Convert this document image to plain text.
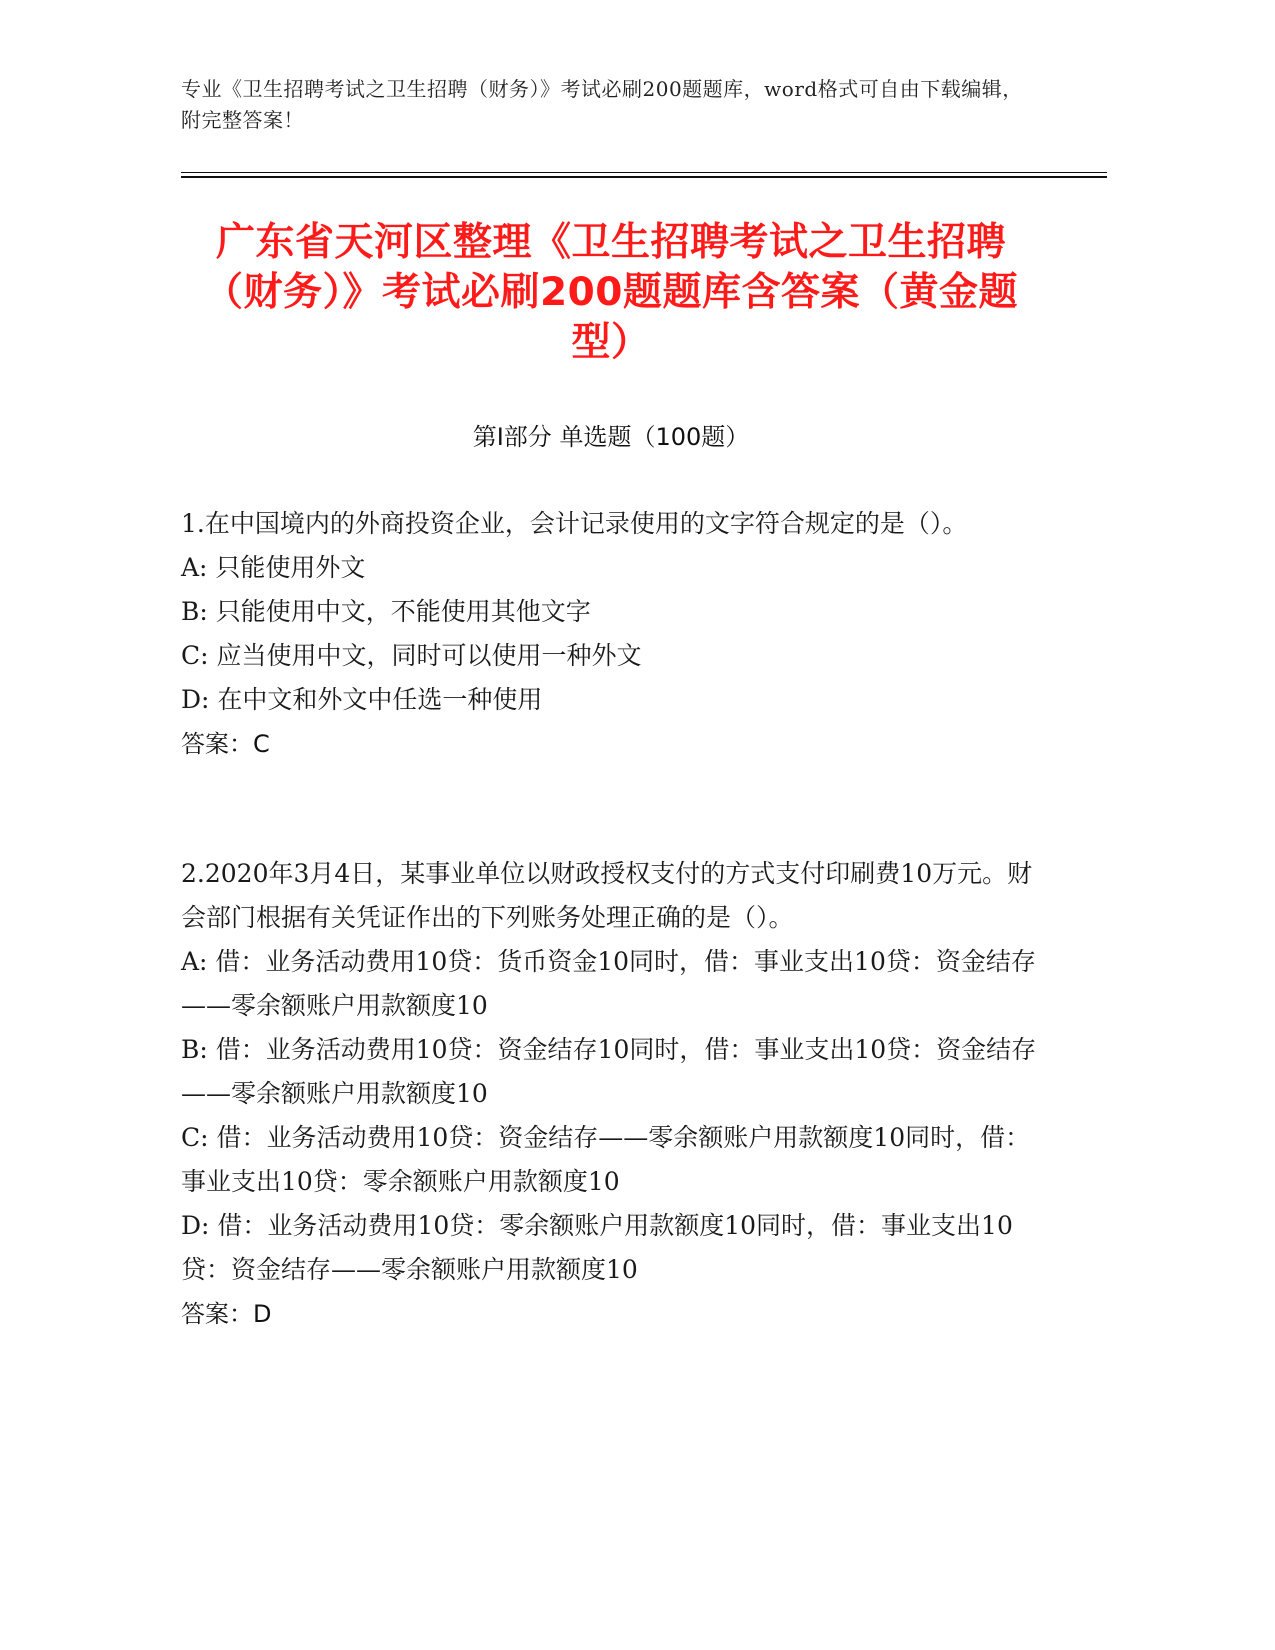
专业《卫生招聘考试之卫生招聘（财务）》考试必刷200题题库，word格式可自由下载编辑，附完整答案！
广东省天河区整理《卫生招聘考试之卫生招聘（财务）》考试必刷200题题库含答案（黄金题型）
第Ⅰ部分 单选题（100题）

1.在中国境内的外商投资企业，会计记录使用的文字符合规定的是（）。

A: 只能使用外文

B: 只能使用中文，不能使用其他文字

C: 应当使用中文，同时可以使用一种外文

D: 在中文和外文中任选一种使用

答案：C

2.2020年3月4日，某事业单位以财政授权支付的方式支付印刷费10万元。财会部门根据有关凭证作出的下列账务处理正确的是（）。

A: 借：业务活动费用10贷：货币资金10同时，借：事业支出10贷：资金结存——零余额账户用款额度10

B: 借：业务活动费用10贷：资金结存10同时，借：事业支出10贷：资金结存——零余额账户用款额度10

C: 借：业务活动费用10贷：资金结存——零余额账户用款额度10同时，借：事业支出10贷：零余额账户用款额度10

D: 借：业务活动费用10贷：零余额账户用款额度10同时，借：事业支出10贷：资金结存——零余额账户用款额度10

答案：D
